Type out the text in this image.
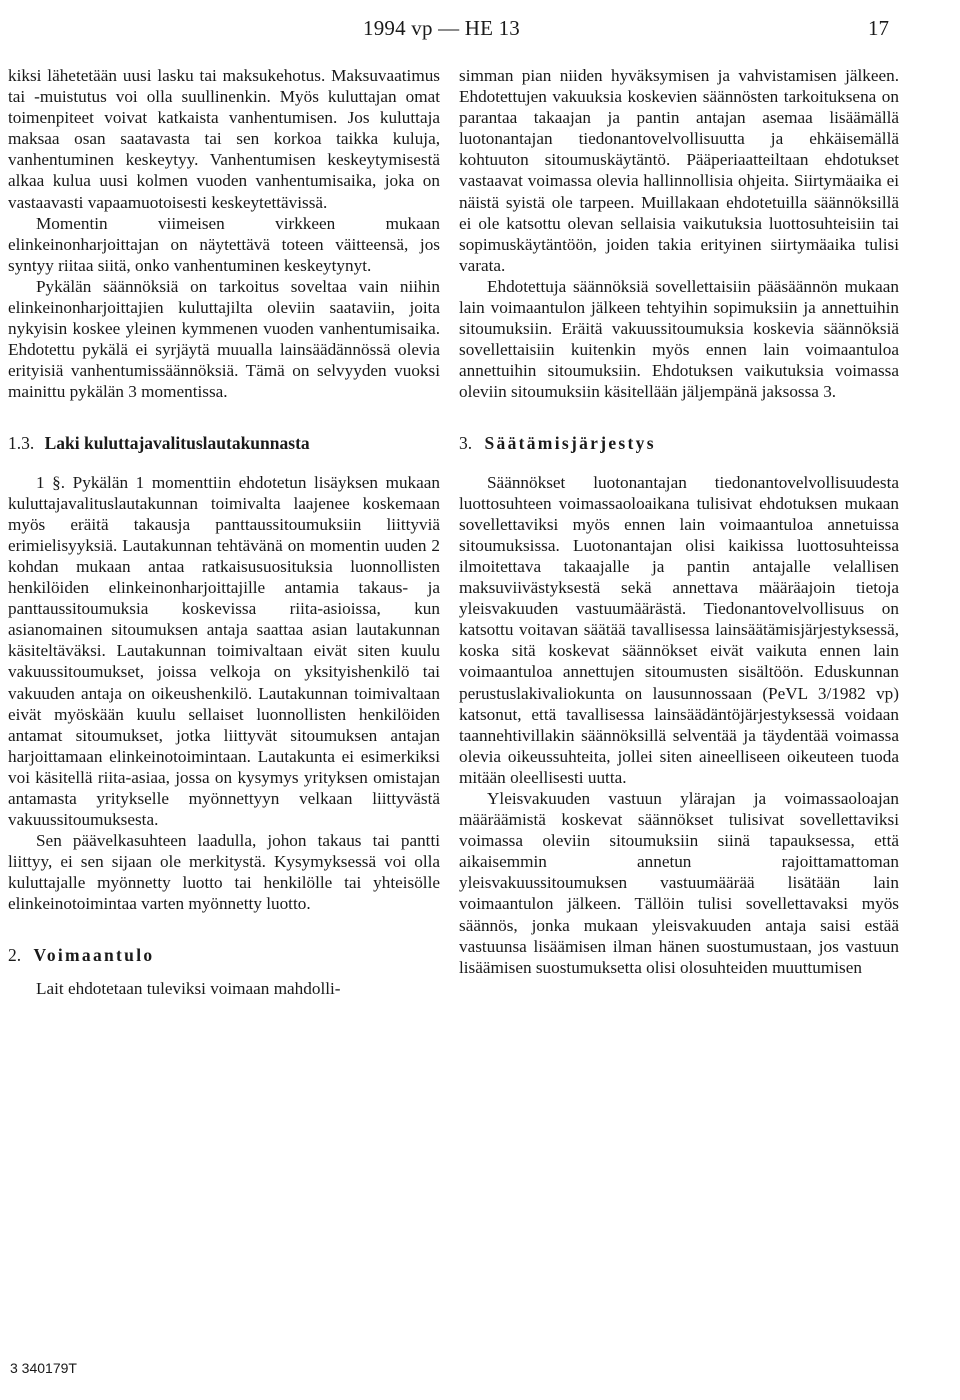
1994 vp — HE 13	17

kiksi lähetetään uusi lasku tai maksukehotus. Maksuvaatimus tai -muistutus voi olla suullinenkin. Myös kuluttajan omat toimenpiteet voivat katkaista vanhentumisen. Jos kuluttaja maksaa osan saatavasta tai sen korkoa taikka kuluja, vanhentuminen keskeytyy. Vanhentumisen keskeytymisestä alkaa kulua uusi kolmen vuoden vanhentumisaika, joka on vastaavasti vapaamuotoisesti keskeytettävissä.

Momentin viimeisen virkkeen mukaan elinkeinonharjoittajan on näytettävä toteen väitteensä, jos syntyy riitaa siitä, onko vanhentuminen keskeytynyt.

Pykälän säännöksiä on tarkoitus soveltaa vain niihin elinkeinonharjoittajien kuluttajilta oleviin saataviin, joita nykyisin koskee yleinen kymmenen vuoden vanhentumisaika. Ehdotettu pykälä ei syrjäytä muualla lainsäädännössä olevia erityisiä vanhentumissäännöksiä. Tämä on selvyyden vuoksi mainittu pykälän 3 momentissa.

1.3. Laki kuluttajavalituslautakunnasta

1 §. Pykälän 1 momenttiin ehdotetun lisäyksen mukaan kuluttajavalituslautakunnan toimivalta laajenee koskemaan myös eräitä takausja panttaussitoumuksiin liittyviä erimielisyyksiä. Lautakunnan tehtävänä on momentin uuden 2 kohdan mukaan antaa ratkaisusuosituksia luonnollisten henkilöiden elinkeinonharjoittajille antamia takaus- ja panttaussitoumuksia koskevissa riita-asioissa, kun asianomainen sitoumuksen antaja saattaa asian lautakunnan käsiteltäväksi. Lautakunnan toimivaltaan eivät siten kuulu vakuussitoumukset, joissa velkoja on yksityishenkilö tai vakuuden antaja on oikeushenkilö. Lautakunnan toimivaltaan eivät myöskään kuulu sellaiset luonnollisten henkilöiden antamat sitoumukset, jotka liittyvät sitoumuksen antajan harjoittamaan elinkeinotoimintaan. Lautakunta ei esimerkiksi voi käsitellä riita-asiaa, jossa on kysymys yrityksen omistajan antamasta yritykselle myönnettyyn velkaan liittyvästä vakuussitoumuksesta.

Sen päävelkasuhteen laadulla, johon takaus tai pantti liittyy, ei sen sijaan ole merkitystä. Kysymyksessä voi olla kuluttajalle myönnetty luotto tai henkilölle tai yhteisölle elinkeinotoimintaa varten myönnetty luotto.

2. Voimaantulo

Lait ehdotetaan tuleviksi voimaan mahdolli-

simman pian niiden hyväksymisen ja vahvistamisen jälkeen. Ehdotettujen vakuuksia koskevien säännösten tarkoituksena on parantaa takaajan ja pantin antajan asemaa lisäämällä luotonantajan tiedonantovelvollisuutta ja ehkäisemällä kohtuuton sitoumuskäytäntö. Pääperiaatteiltaan ehdotukset vastaavat voimassa olevia hallinnollisia ohjeita. Siirtymäaika ei näistä syistä ole tarpeen. Muillakaan ehdotetuilla säännöksillä ei ole katsottu olevan sellaisia vaikutuksia luottosuhteisiin tai sopimuskäytäntöön, joiden takia erityinen siirtymäaika tulisi varata.

Ehdotettuja säännöksiä sovellettaisiin pääsäännön mukaan lain voimaantulon jälkeen tehtyihin sopimuksiin ja annettuihin sitoumuksiin. Eräitä vakuussitoumuksia koskevia säännöksiä sovellettaisiin kuitenkin myös ennen lain voimaantuloa annettuihin sitoumuksiin. Ehdotuksen vaikutuksia voimassa oleviin sitoumuksiin käsitellään jäljempänä jaksossa 3.

3. Säätämisjärjestys

Säännökset luotonantajan tiedonantovelvollisuudesta luottosuhteen voimassaoloaikana tulisivat ehdotuksen mukaan sovellettaviksi myös ennen lain voimaantuloa annetuissa sitoumuksissa. Luotonantajan olisi kaikissa luottosuhteissa ilmoitettava takaajalle ja pantin antajalle velallisen maksuviivästyksestä sekä annettava määräajoin tietoja yleisvakuuden vastuumäärästä. Tiedonantovelvollisuus on katsottu voitavan säätää tavallisessa lainsäätämisjärjestyksessä, koska sitä koskevat säännökset eivät vaikuta ennen lain voimaantuloa annettujen sitoumusten sisältöön. Eduskunnan perustuslakivaliokunta on lausunnossaan (PeVL 3/1982 vp) katsonut, että tavallisessa lainsäädäntöjärjestyksessä voidaan taannehtivillakin säännöksillä selventää ja täydentää voimassa olevia oikeussuhteita, jollei siten aineelliseen oikeuteen tuoda mitään oleellisesti uutta.

Yleisvakuuden vastuun ylärajan ja voimassaoloajan määräämistä koskevat säännökset tulisivat sovellettaviksi voimassa oleviin sitoumuksiin siinä tapauksessa, että aikaisemmin annetun rajoittamattoman yleisvakuussitoumuksen vastuumäärää lisätään lain voimaantulon jälkeen. Tällöin tulisi sovellettavaksi myös säännös, jonka mukaan yleisvakuuden antaja saisi estää vastuunsa lisäämisen ilman hänen suostumustaan, jos vastuun lisäämisen suostumuksetta olisi olosuhteiden muuttumisen

3 340179T
